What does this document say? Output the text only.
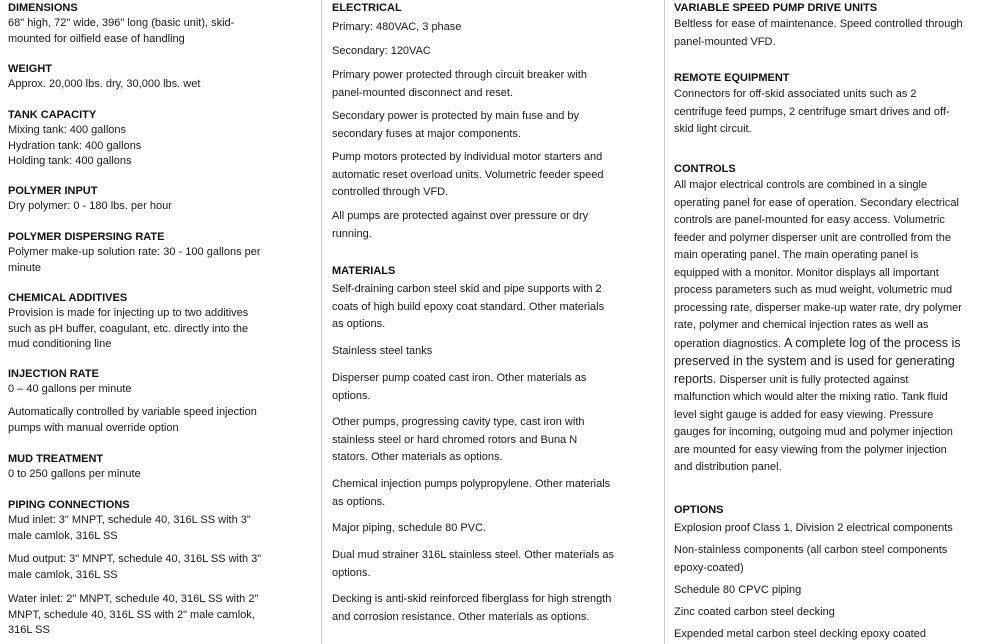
DIMENSIONS

68" high, 72" wide, 396" long (basic unit), skid-

mounted for oilfield ease of handling

WEIGHT

Approx. 20,000 lbs. dry, 30,000 lbs. wet

TANK CAPACITY

Mixing tank: 400 gallons

Hydration tank: 400 gallons

Holding tank: 400 gallons

POLYMER INPUT

Dry polymer: 0 - 180 lbs. per hour

POLYMER DISPERSING RATE

Polymer make-up solution rate: 30 - 100 gallons per

minute

CHEMICAL ADDITIVES

Provision is made for injecting up to two additives

such as pH buffer, coagulant, etc. directly into the

mud conditioning line

INJECTION RATE

0 – 40 gallons per minute

Automatically controlled by variable speed injection

pumps with manual override option

MUD TREATMENT

0 to 250 gallons per minute

PIPING CONNECTIONS

Mud inlet: 3" MNPT, schedule 40, 316L SS with 3"

male camlok, 316L SS

Mud output: 3" MNPT, schedule 40, 316L SS with 3"

male camlok, 316L SS

Water inlet: 2" MNPT, schedule 40, 316L SS with 2"

MNPT, schedule 40, 316L SS with 2" male camlok,

316L SS

ELECTRICAL

Primary: 480VAC, 3 phase

Secondary: 120VAC

Primary power protected through circuit breaker with

panel-mounted disconnect and reset.

Secondary power is protected by main fuse and by

secondary fuses at major components.

Pump motors protected by individual motor starters and

automatic reset overload units. Volumetric feeder speed

controlled through VFD.

All pumps are protected against over pressure or dry

running.

MATERIALS

Self-draining carbon steel skid and pipe supports with 2

coats of high build epoxy coat standard. Other materials

as options.

Stainless steel tanks

Disperser pump coated cast iron. Other materials as

options.

Other pumps, progressing cavity type, cast iron with

stainless steel or hard chromed rotors and Buna N

stators. Other materials as options.

Chemical injection pumps polypropylene. Other materials

as options.

Major piping, schedule 80 PVC.

Dual mud strainer 316L stainless steel. Other materials as

options.

Decking is anti-skid reinforced fiberglass for high strength

and corrosion resistance. Other materials as options.

VARIABLE SPEED PUMP DRIVE UNITS

Beltless for ease of maintenance. Speed controlled through

panel-mounted VFD.

REMOTE EQUIPMENT

Connectors for off-skid associated units such as 2

centrifuge feed pumps, 2 centrifuge smart drives and off-

skid light circuit.

CONTROLS

All major electrical controls are combined in a single

operating panel for ease of operation. Secondary electrical

controls are panel-mounted for easy access. Volumetric

feeder and polymer disperser unit are controlled from the

main operating panel. The main operating panel is

equipped with a monitor. Monitor displays all important

process parameters such as mud weight, volumetric mud

processing rate, disperser make-up water rate, dry polymer

rate, polymer and chemical injection rates as well as

operation diagnostics. A complete log of the process is

preserved in the system and is used for generating

reports. Disperser unit is fully protected against

malfunction which would alter the mixing ratio. Tank fluid

level sight gauge is added for easy viewing. Pressure

gauges for incoming, outgoing mud and polymer injection

are mounted for easy viewing from the polymer injection

and distribution panel.

OPTIONS

Explosion proof Class 1, Division 2 electrical components

Non-stainless components (all carbon steel components

epoxy-coated)

Schedule 80 CPVC piping

Zinc coated carbon steel decking

Expended metal carbon steel decking epoxy coated
